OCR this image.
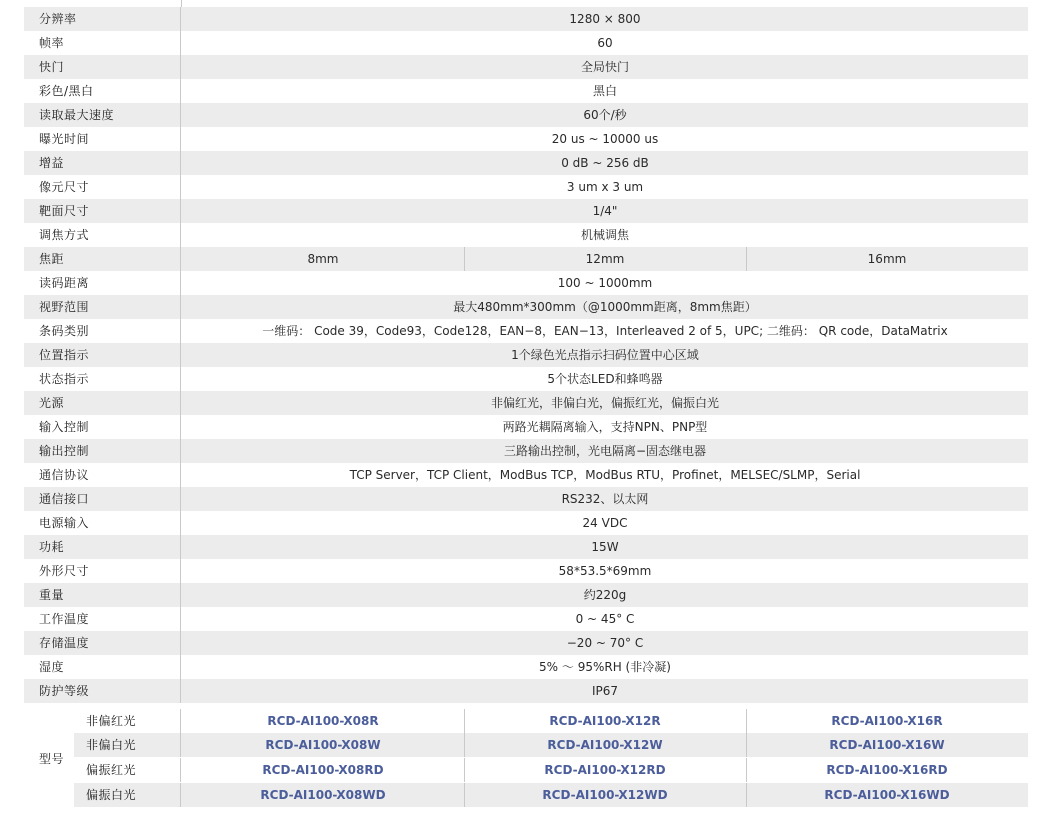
分辨率	1280 × 800
帧率	60
快门	全局快门
彩色/黑白	黑白
读取最大速度	60个/秒
曝光时间	20 us ~ 10000 us
增益	0 dB ~ 256 dB
像元尺寸	3 um x 3 um
靶面尺寸	1/4"
调焦方式	机械调焦
焦距	8mm	12mm	16mm
读码距离	100 ~ 1000mm
视野范围	最大480mm*300mm（@1000mm距离，8mm焦距）
条码类别	一维码： Code 39，Code93，Code128，EAN−8，EAN−13，Interleaved 2 of 5，UPC; 二维码： QR code，DataMatrix
位置指示	1个绿色光点指示扫码位置中心区域
状态指示	5个状态LED和蜂鸣器
光源	非偏红光，非偏白光，偏振红光，偏振白光
输入控制	两路光耦隔离输入，支持NPN、PNP型
输出控制	三路输出控制，光电隔离−固态继电器
通信协议	TCP Server，TCP Client，ModBus TCP，ModBus RTU，Profinet，MELSEC/SLMP，Serial
通信接口	RS232、以太网
电源输入	24 VDC
功耗	15W
外形尺寸	58*53.5*69mm
重量	约220g
工作温度	0 ~ 45° C
存储温度	−20 ~ 70° C
湿度	5% ～ 95%RH (非冷凝)
防护等级	IP67
型号
非偏红光	RCD-AI100-X08R	RCD-AI100-X12R	RCD-AI100-X16R
非偏白光	RCD-AI100-X08W	RCD-AI100-X12W	RCD-AI100-X16W
偏振红光	RCD-AI100-X08RD	RCD-AI100-X12RD	RCD-AI100-X16RD
偏振白光	RCD-AI100-X08WD	RCD-AI100-X12WD	RCD-AI100-X16WD
